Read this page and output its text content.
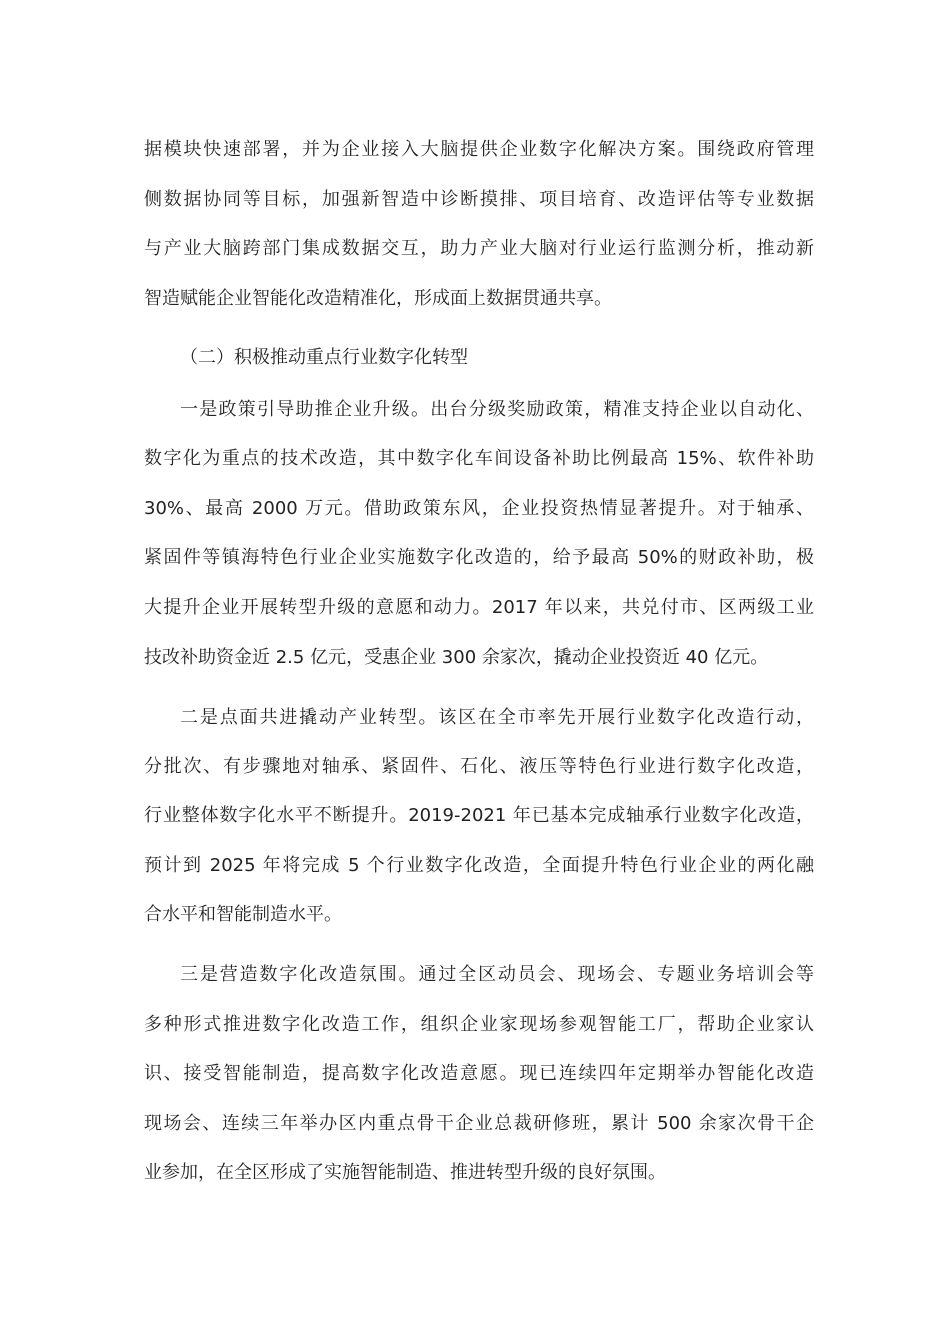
据模块快速部署，并为企业接入大脑提供企业数字化解决方案。围绕政府管理
侧数据协同等目标，加强新智造中诊断摸排、项目培育、改造评估等专业数据
与产业大脑跨部门集成数据交互，助力产业大脑对行业运行监测分析，推动新
智造赋能企业智能化改造精准化，形成面上数据贯通共享。
（二）积极推动重点行业数字化转型
一是政策引导助推企业升级。出台分级奖励政策，精准支持企业以自动化、
数字化为重点的技术改造，其中数字化车间设备补助比例最高 15%、软件补助
30%、最高 2000 万元。借助政策东风，企业投资热情显著提升。对于轴承、
紧固件等镇海特色行业企业实施数字化改造的，给予最高 50%的财政补助，极
大提升企业开展转型升级的意愿和动力。2017 年以来，共兑付市、区两级工业
技改补助资金近 2.5 亿元，受惠企业 300 余家次，撬动企业投资近 40 亿元。
二是点面共进撬动产业转型。该区在全市率先开展行业数字化改造行动，
分批次、有步骤地对轴承、紧固件、石化、液压等特色行业进行数字化改造，
行业整体数字化水平不断提升。2019-2021 年已基本完成轴承行业数字化改造，
预计到 2025 年将完成 5 个行业数字化改造，全面提升特色行业企业的两化融
合水平和智能制造水平。
三是营造数字化改造氛围。通过全区动员会、现场会、专题业务培训会等
多种形式推进数字化改造工作，组织企业家现场参观智能工厂，帮助企业家认
识、接受智能制造，提高数字化改造意愿。现已连续四年定期举办智能化改造
现场会、连续三年举办区内重点骨干企业总裁研修班，累计 500 余家次骨干企
业参加，在全区形成了实施智能制造、推进转型升级的良好氛围。
